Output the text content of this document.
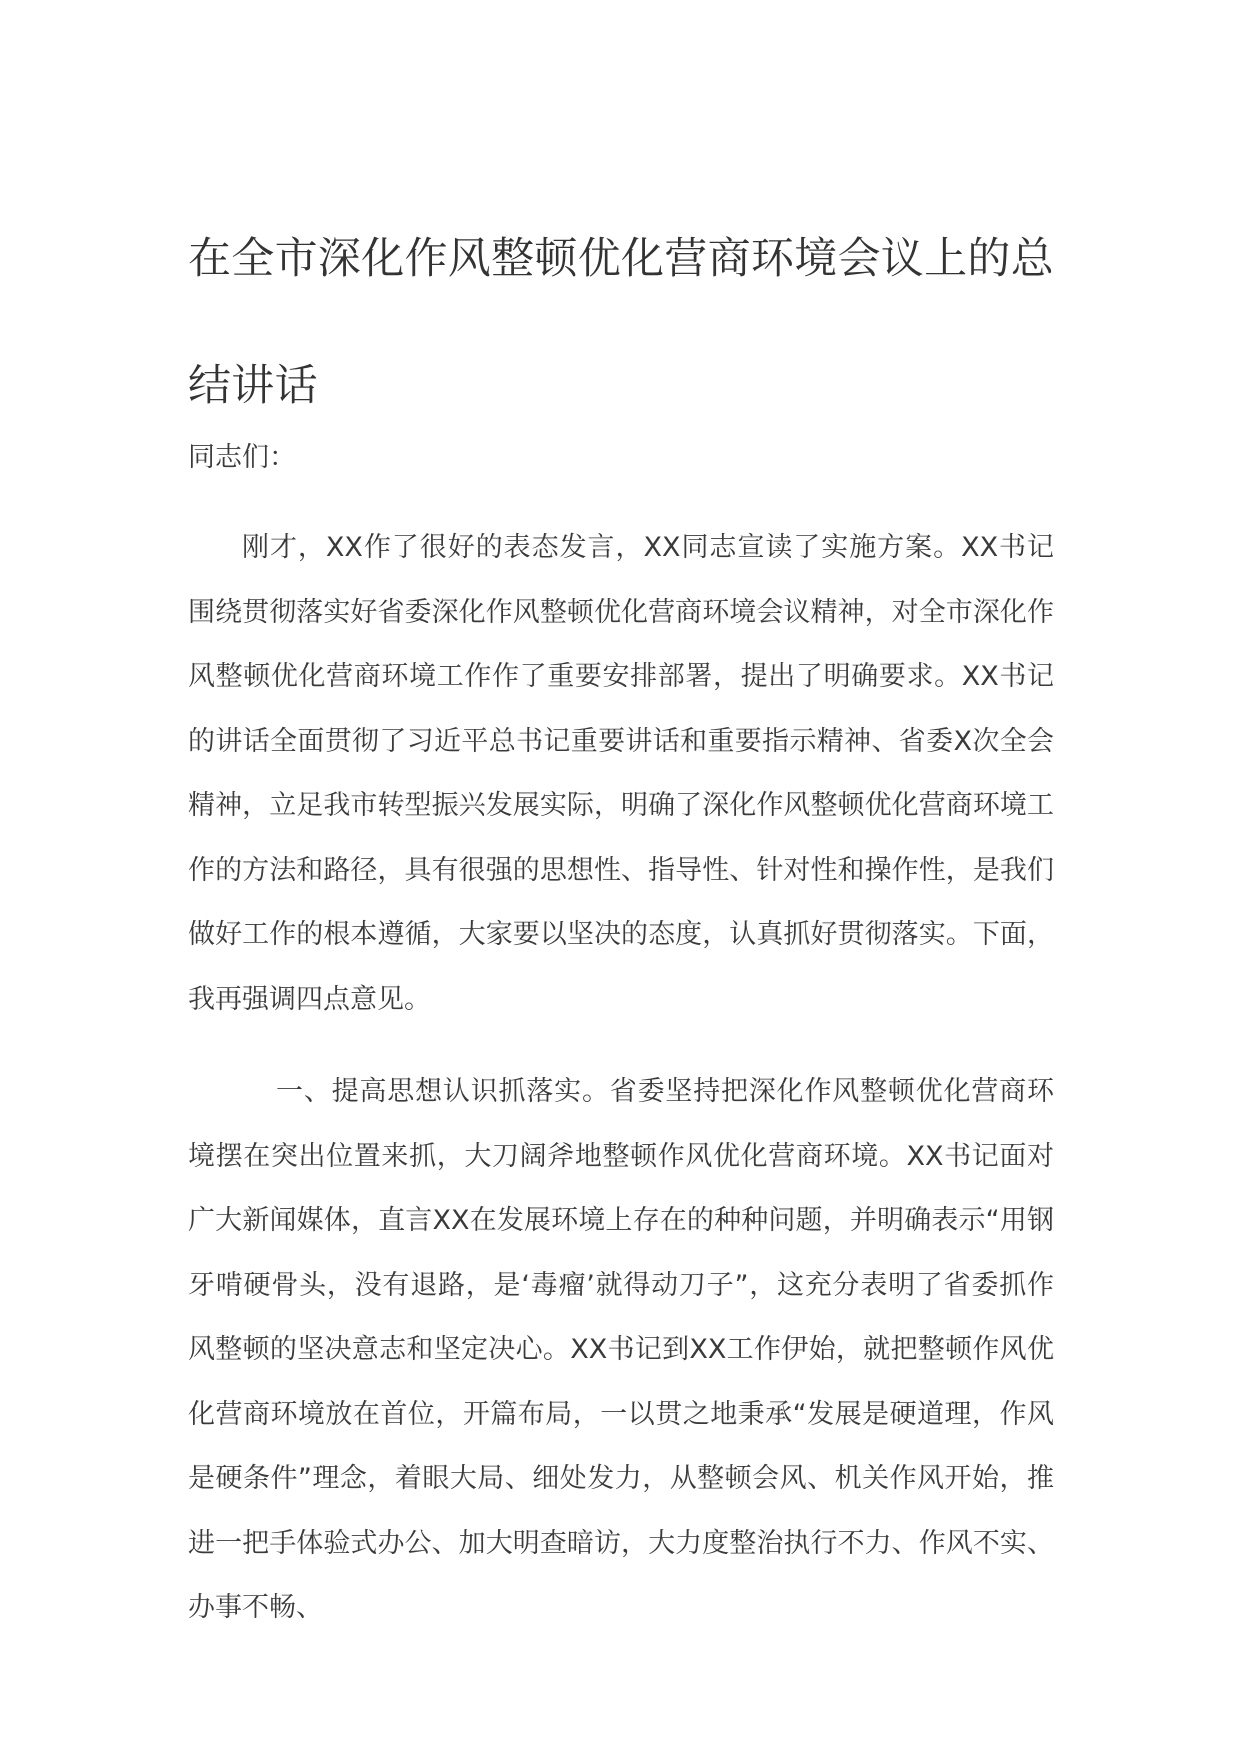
在全市深化作风整顿优化营商环境会议上的总结讲话

同志们：

刚才，XX作了很好的表态发言，XX同志宣读了实施方案。XX书记围绕贯彻落实好省委深化作风整顿优化营商环境会议精神，对全市深化作风整顿优化营商环境工作作了重要安排部署，提出了明确要求。XX书记的讲话全面贯彻了习近平总书记重要讲话和重要指示精神、省委X次全会精神，立足我市转型振兴发展实际，明确了深化作风整顿优化营商环境工作的方法和路径，具有很强的思想性、指导性、针对性和操作性，是我们做好工作的根本遵循，大家要以坚决的态度，认真抓好贯彻落实。下面，我再强调四点意见。

一、提高思想认识抓落实。省委坚持把深化作风整顿优化营商环境摆在突出位置来抓，大刀阔斧地整顿作风优化营商环境。XX书记面对广大新闻媒体，直言XX在发展环境上存在的种种问题，并明确表示“用钢牙啃硬骨头，没有退路，是‘毒瘤’就得动刀子”，这充分表明了省委抓作风整顿的坚决意志和坚定决心。XX书记到XX工作伊始，就把整顿作风优化营商环境放在首位，开篇布局，一以贯之地秉承“发展是硬道理，作风是硬条件”理念，着眼大局、细处发力，从整顿会风、机关作风开始，推进一把手体验式办公、加大明查暗访，大力度整治执行不力、作风不实、办事不畅、
